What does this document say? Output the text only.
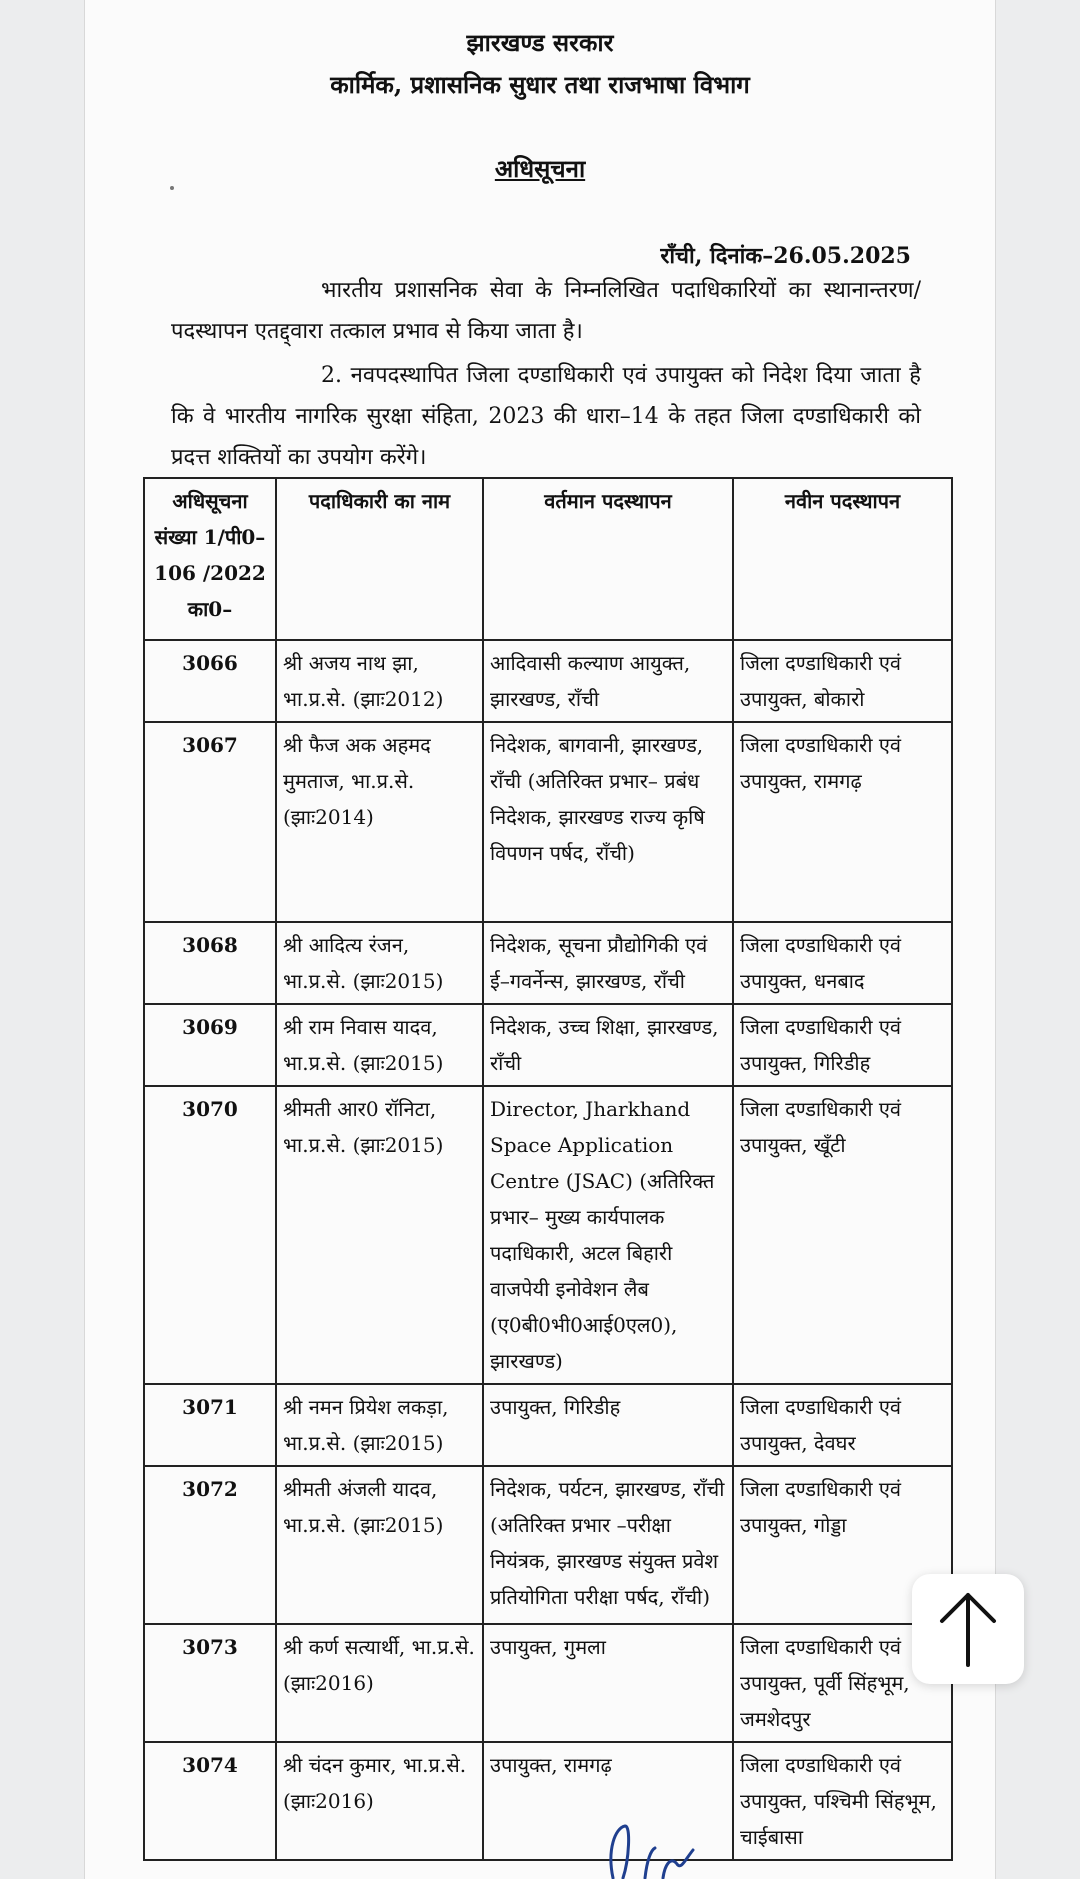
झारखण्ड सरकार
कार्मिक, प्रशासनिक सुधार तथा राजभाषा विभाग
अधिसूचना
राँची, दिनांक–26.05.2025

भारतीय प्रशासनिक सेवा के निम्नलिखित पदाधिकारियों का स्थानान्तरण/ पदस्थापन एतद्द्वारा तत्काल प्रभाव से किया जाता है।

2. नवपदस्थापित जिला दण्डाधिकारी एवं उपायुक्त को निदेश दिया जाता है कि वे भारतीय नागरिक सुरक्षा संहिता, 2023 की धारा–14 के तहत जिला दण्डाधिकारी को प्रदत्त शक्तियों का उपयोग करेंगे।

अधिसूचना संख्या 1/पी0–106 /2022 का0–	पदाधिकारी का नाम	वर्तमान पदस्थापन	नवीन पदस्थापन
3066	श्री अजय नाथ झा, भा.प्र.से. (झाः2012)	आदिवासी कल्याण आयुक्त, झारखण्ड, राँची	जिला दण्डाधिकारी एवं उपायुक्त, बोकारो
3067	श्री फैज अक अहमद मुमताज, भा.प्र.से. (झाः2014)	निदेशक, बागवानी, झारखण्ड, राँची (अतिरिक्त प्रभार– प्रबंध निदेशक, झारखण्ड राज्य कृषि विपणन पर्षद, राँची)	जिला दण्डाधिकारी एवं उपायुक्त, रामगढ़
3068	श्री आदित्य रंजन, भा.प्र.से. (झाः2015)	निदेशक, सूचना प्रौद्योगिकी एवं ई–गवर्नेन्स, झारखण्ड, राँची	जिला दण्डाधिकारी एवं उपायुक्त, धनबाद
3069	श्री राम निवास यादव, भा.प्र.से. (झाः2015)	निदेशक, उच्च शिक्षा, झारखण्ड, राँची	जिला दण्डाधिकारी एवं उपायुक्त, गिरिडीह
3070	श्रीमती आर0 रॉनिटा, भा.प्र.से. (झाः2015)	Director, Jharkhand Space Application Centre (JSAC) (अतिरिक्त प्रभार– मुख्य कार्यपालक पदाधिकारी, अटल बिहारी वाजपेयी इनोवेशन लैब (ए0बी0भी0आई0एल0), झारखण्ड)	जिला दण्डाधिकारी एवं उपायुक्त, खूँटी
3071	श्री नमन प्रियेश लकड़ा, भा.प्र.से. (झाः2015)	उपायुक्त, गिरिडीह	जिला दण्डाधिकारी एवं उपायुक्त, देवघर
3072	श्रीमती अंजली यादव, भा.प्र.से. (झाः2015)	निदेशक, पर्यटन, झारखण्ड, राँची (अतिरिक्त प्रभार –परीक्षा नियंत्रक, झारखण्ड संयुक्त प्रवेश प्रतियोगिता परीक्षा पर्षद, राँची)	जिला दण्डाधिकारी एवं उपायुक्त, गोड्डा
3073	श्री कर्ण सत्यार्थी, भा.प्र.से. (झाः2016)	उपायुक्त, गुमला	जिला दण्डाधिकारी एवं उपायुक्त, पूर्वी सिंहभूम, जमशेदपुर
3074	श्री चंदन कुमार, भा.प्र.से. (झाः2016)	उपायुक्त, रामगढ़	जिला दण्डाधिकारी एवं उपायुक्त, पश्चिमी सिंहभूम, चाईबासा
